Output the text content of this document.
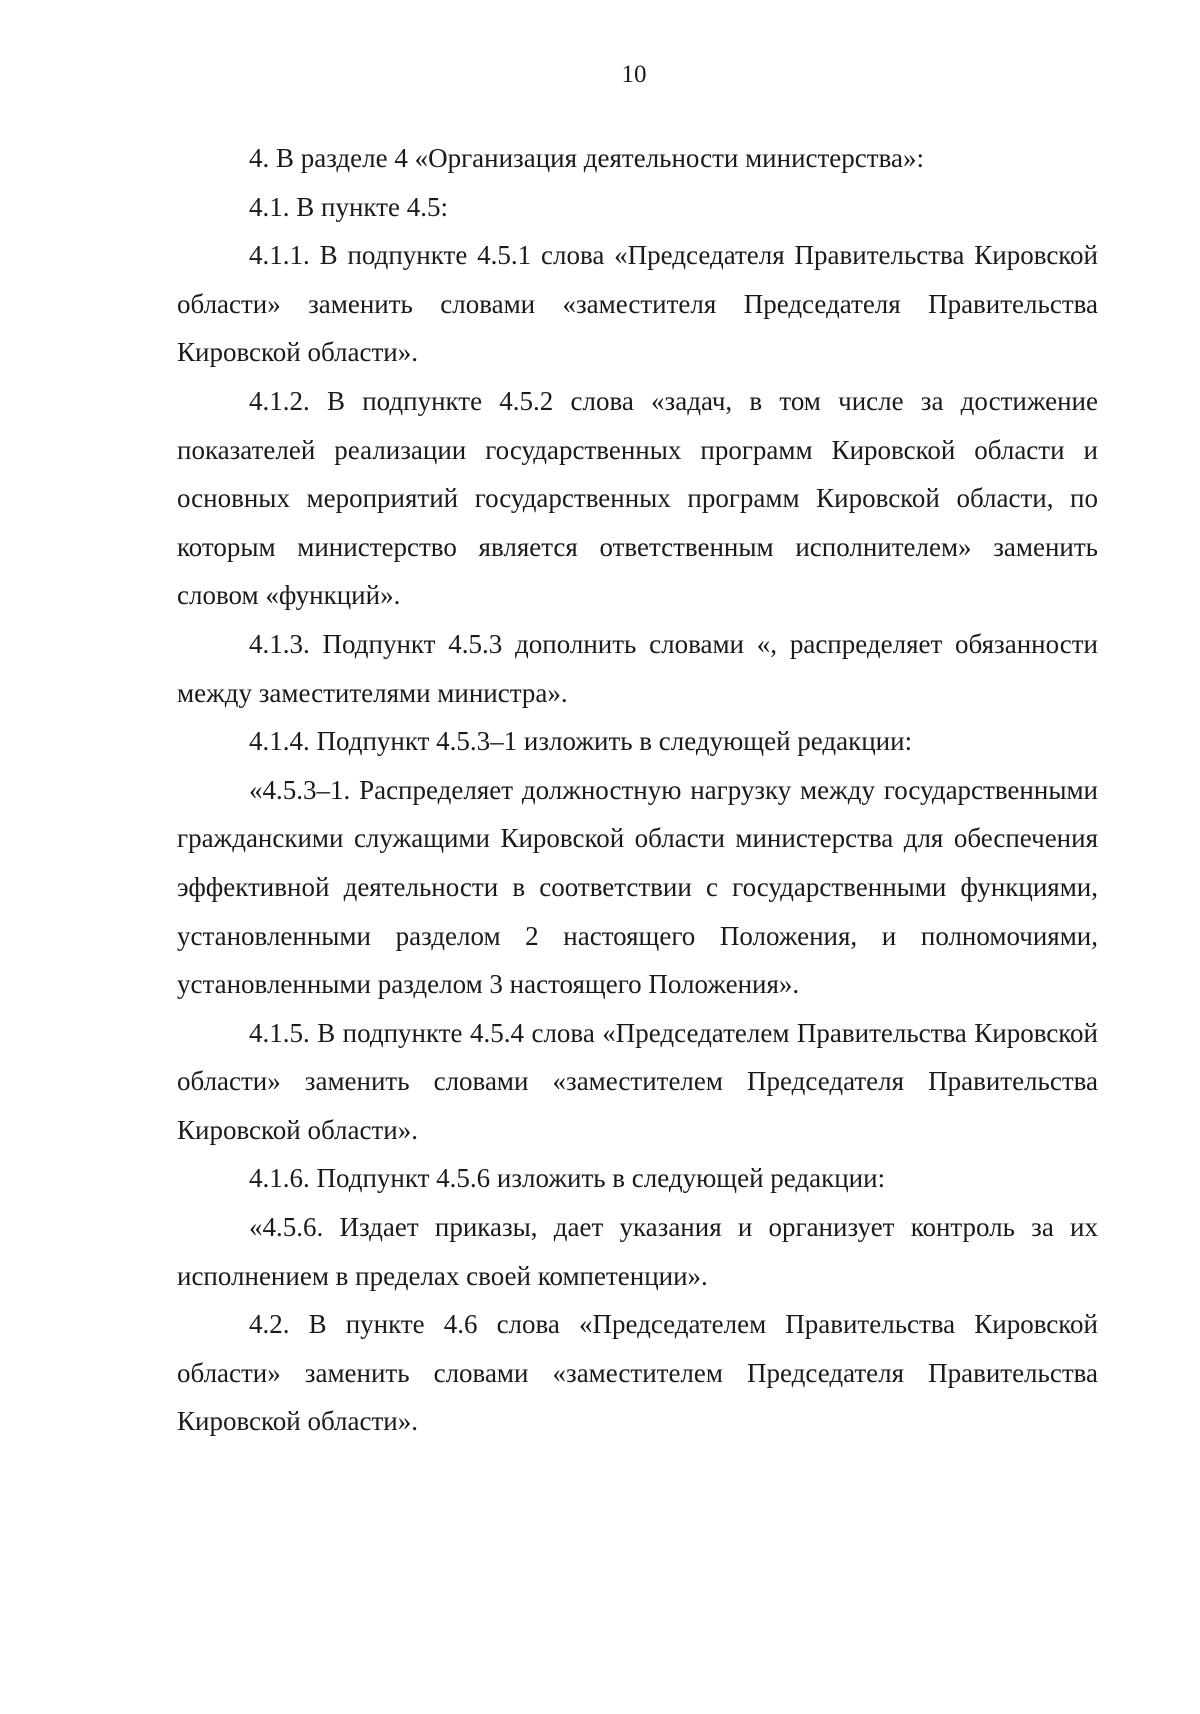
10

4. В разделе 4 «Организация деятельности министерства»:

4.1. В пункте 4.5:

4.1.1. В подпункте 4.5.1 слова «Председателя Правительства Кировской области» заменить словами «заместителя Председателя Правительства Кировской области».

4.1.2. В подпункте 4.5.2 слова «задач, в том числе за достижение показателей реализации государственных программ Кировской области и основных мероприятий государственных программ Кировской области, по которым министерство является ответственным исполнителем» заменить словом «функций».

4.1.3. Подпункт 4.5.3 дополнить словами «, распределяет обязанности между заместителями министра».

4.1.4. Подпункт 4.5.3–1 изложить в следующей редакции:

«4.5.3–1. Распределяет должностную нагрузку между государственными гражданскими служащими Кировской области министерства для обеспечения эффективной деятельности в соответствии с государственными функциями, установленными разделом 2 настоящего Положения, и полномочиями, установленными разделом 3 настоящего Положения».

4.1.5. В подпункте 4.5.4 слова «Председателем Правительства Кировской области» заменить словами «заместителем Председателя Правительства Кировской области».

4.1.6. Подпункт 4.5.6 изложить в следующей редакции:

«4.5.6. Издает приказы, дает указания и организует контроль за их исполнением в пределах своей компетенции».

4.2. В пункте 4.6 слова «Председателем Правительства Кировской области» заменить словами «заместителем Председателя Правительства Кировской области».
